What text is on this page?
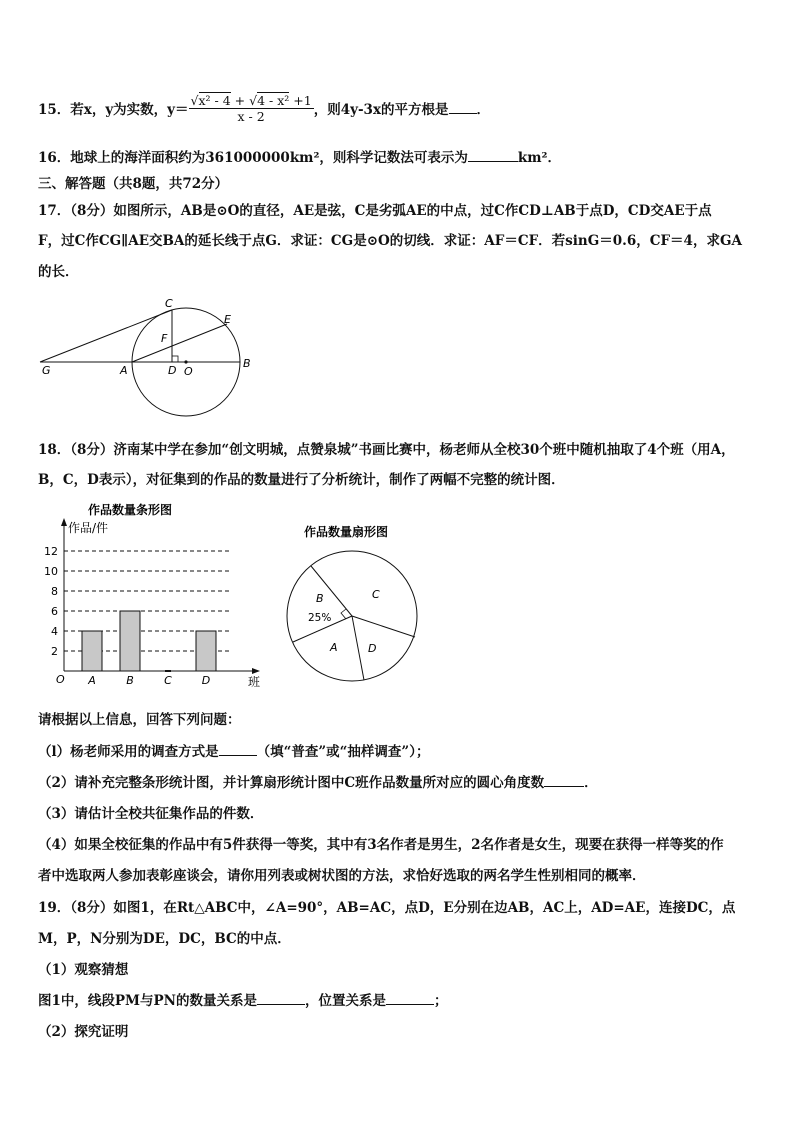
15．若x，y为实数，$y= \frac{\text{√x² - 4 + √4 - x² +1}}{x - 2}$ ，则4y-3x的平方根是 ．
16．地球上的海洋面积约为361000000km²，则科学记数法可表示为	km²．
三、解答题（共8题，共72分）
17．（8分）如图所示，AB是⊙O的直径，AE是弦，C是劣弧AE的中点，过C作CD⊥AB于点D，CD交AE于点
F，过C作CG∥AE交BA的延长线于点G．求证：CG是⊙O的切线．求证：AF＝CF．若sinG＝0.6，CF＝4，求GA
的长．
C
E
F
G	A	D O
B
18．（8分）济南某中学在参加“创文明城，点赞泉城”书画比赛中，杨老师从全校30个班中随机抽取了4个班（用A，
B，C，D表示），对征集到的作品的数量进行了分析统计，制作了两幅不完整的统计图．
作品数量条形图
作品/件
班
O
2
4
6
8
10
12
A	B	C	D
作品数量扇形图
B
25%
C
D
A
请根据以上信息，回答下列问题：
（l）杨老师采用的调查方式是	（填“普查”或“抽样调查”）；
（2）请补充完整条形统计图，并计算扇形统计图中C班作品数量所对应的圆心角度数	．
（3）请估计全校共征集作品的件数．
（4）如果全校征集的作品中有5件获得一等奖，其中有3名作者是男生，2名作者是女生，现要在获得一样等奖的作
者中选取两人参加表彰座谈会，请你用列表或树状图的方法，求恰好选取的两名学生性别相同的概率．
19．（8分）如图1，在Rt△ABC中，∠A=90°，AB=AC，点D，E分别在边AB，AC上，AD=AE，连接DC，点
M，P，N分别为DE，DC，BC的中点．
（1）观察猜想
图1中，线段PM与PN的数量关系是	，位置关系是	；
（2）探究证明
